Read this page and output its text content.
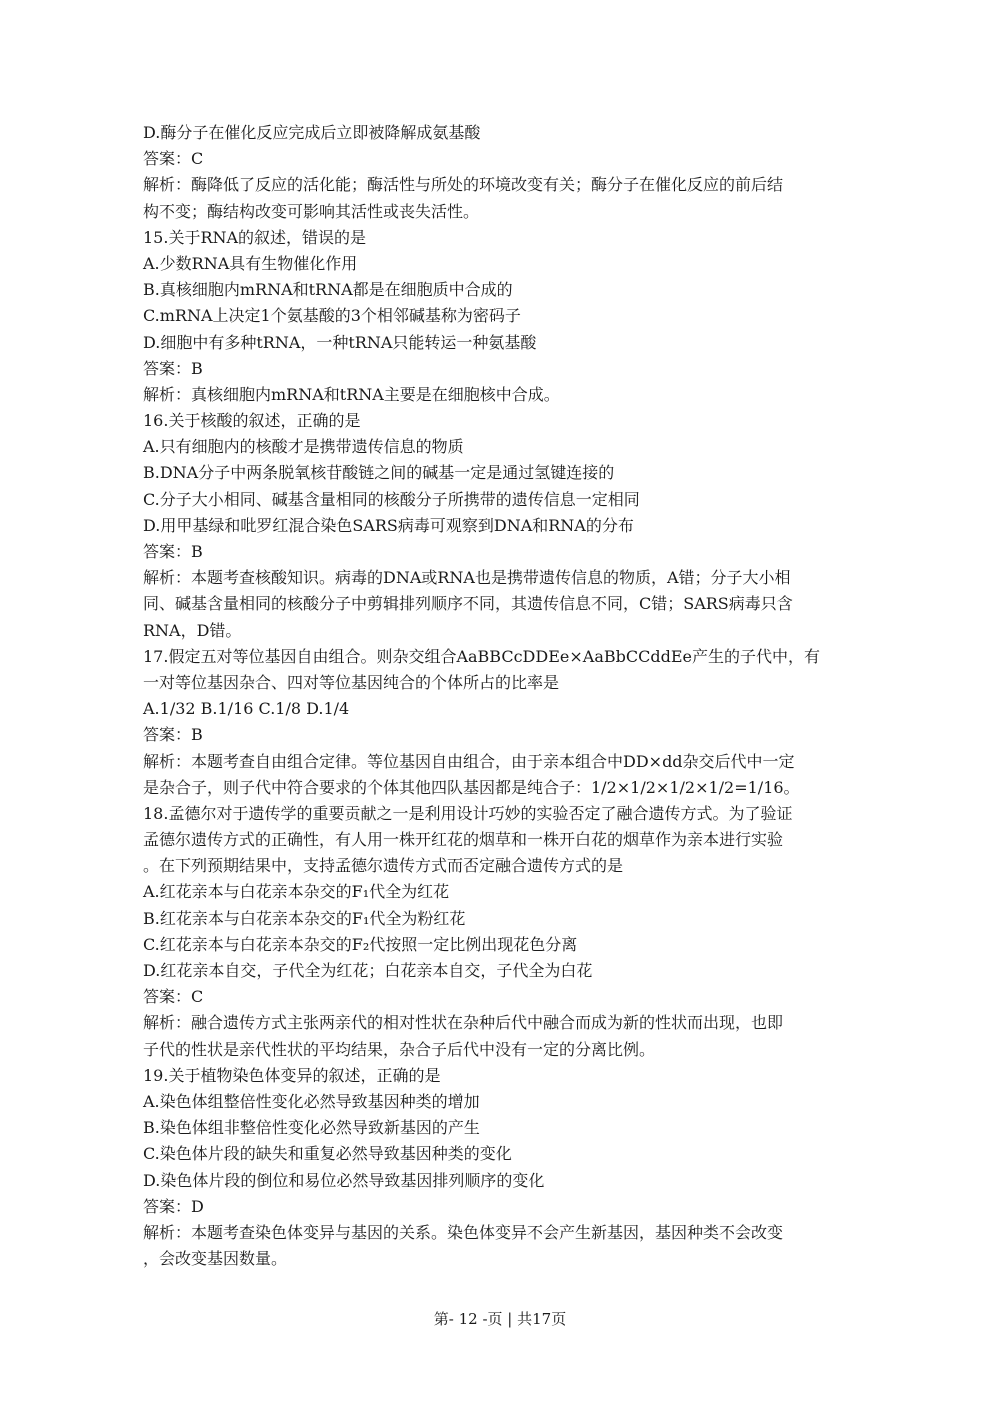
D.酶分子在催化反应完成后立即被降解成氨基酸
答案：C
解析：酶降低了反应的活化能；酶活性与所处的环境改变有关；酶分子在催化反应的前后结
构不变；酶结构改变可影响其活性或丧失活性。
15.关于RNA的叙述，错误的是
A.少数RNA具有生物催化作用
B.真核细胞内mRNA和tRNA都是在细胞质中合成的
C.mRNA上决定1个氨基酸的3个相邻碱基称为密码子
D.细胞中有多种tRNA，一种tRNA只能转运一种氨基酸
答案：B
解析：真核细胞内mRNA和tRNA主要是在细胞核中合成。
16.关于核酸的叙述，正确的是
A.只有细胞内的核酸才是携带遗传信息的物质
B.DNA分子中两条脱氧核苷酸链之间的碱基一定是通过氢键连接的
C.分子大小相同、碱基含量相同的核酸分子所携带的遗传信息一定相同
D.用甲基绿和吡罗红混合染色SARS病毒可观察到DNA和RNA的分布
答案：B
解析：本题考查核酸知识。病毒的DNA或RNA也是携带遗传信息的物质，A错；分子大小相
同、碱基含量相同的核酸分子中剪辑排列顺序不同，其遗传信息不同，C错；SARS病毒只含
RNA，D错。
17.假定五对等位基因自由组合。则杂交组合AaBBCcDDEe×AaBbCCddEe产生的子代中，有
一对等位基因杂合、四对等位基因纯合的个体所占的比率是
A.1/32 B.1/16 C.1/8 D.1/4
答案：B
解析：本题考查自由组合定律。等位基因自由组合，由于亲本组合中DD×dd杂交后代中一定
是杂合子，则子代中符合要求的个体其他四队基因都是纯合子：1/2×1/2×1/2×1/2=1/16。
18.孟德尔对于遗传学的重要贡献之一是利用设计巧妙的实验否定了融合遗传方式。为了验证
孟德尔遗传方式的正确性，有人用一株开红花的烟草和一株开白花的烟草作为亲本进行实验
。在下列预期结果中，支持孟德尔遗传方式而否定融合遗传方式的是
A.红花亲本与白花亲本杂交的F₁代全为红花
B.红花亲本与白花亲本杂交的F₁代全为粉红花
C.红花亲本与白花亲本杂交的F₂代按照一定比例出现花色分离
D.红花亲本自交，子代全为红花；白花亲本自交，子代全为白花
答案：C
解析：融合遗传方式主张两亲代的相对性状在杂种后代中融合而成为新的性状而出现，也即
子代的性状是亲代性状的平均结果，杂合子后代中没有一定的分离比例。
19.关于植物染色体变异的叙述，正确的是
A.染色体组整倍性变化必然导致基因种类的增加
B.染色体组非整倍性变化必然导致新基因的产生
C.染色体片段的缺失和重复必然导致基因种类的变化
D.染色体片段的倒位和易位必然导致基因排列顺序的变化
答案：D
解析：本题考查染色体变异与基因的关系。染色体变异不会产生新基因，基因种类不会改变
，会改变基因数量。
第- 12 -页 | 共17页
